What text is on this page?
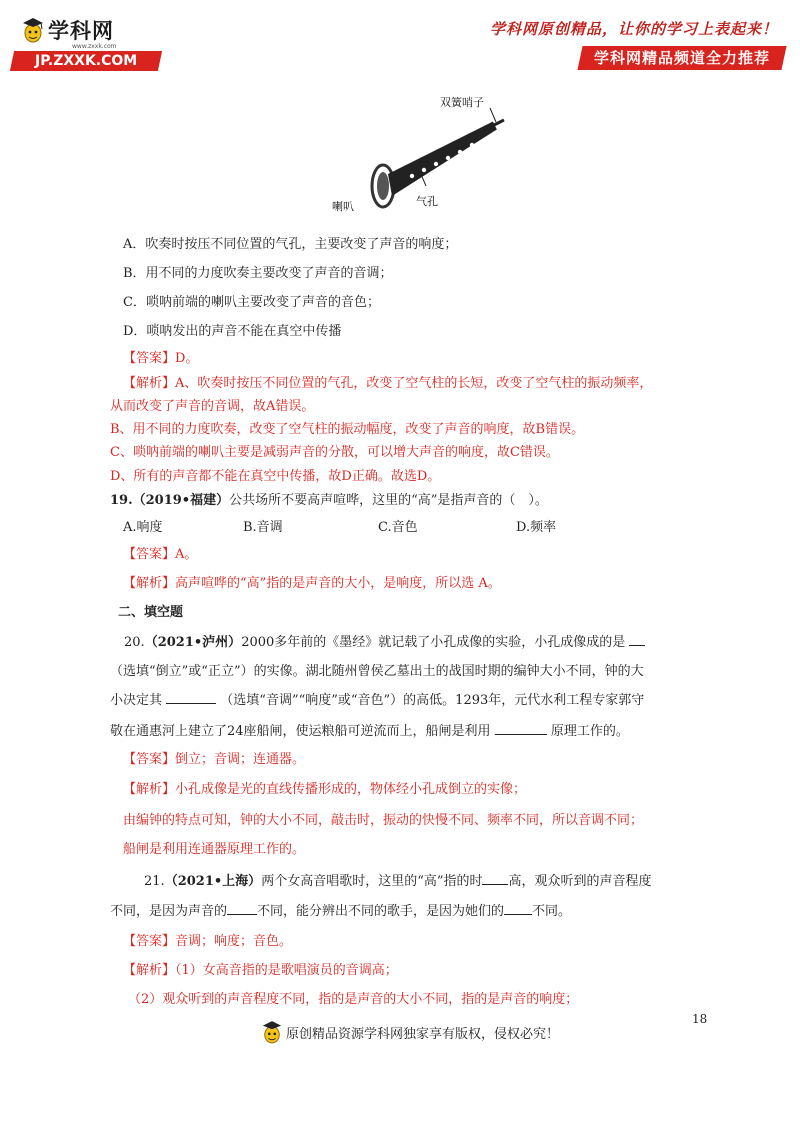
学科网
www.zxxk.com
JP.ZXXK.COM
学科网原创精品，让你的学习上表起来！
学科网精品频道全力推荐
双簧哨子
喇叭	气孔
A．吹奏时按压不同位置的气孔，主要改变了声音的响度；
B．用不同的力度吹奏主要改变了声音的音调；
C．唢呐前端的喇叭主要改变了声音的音色；
D．唢呐发出的声音不能在真空中传播
【答案】D。
【解析】A、吹奏时按压不同位置的气孔，改变了空气柱的长短，改变了空气柱的振动频率，
从而改变了声音的音调，故A错误。
B、用不同的力度吹奏，改变了空气柱的振动幅度，改变了声音的响度，故B错误。
C、唢呐前端的喇叭主要是减弱声音的分散，可以增大声音的响度，故C错误。
D、所有的声音都不能在真空中传播，故D正确。故选D。
19.（2019•福建）公共场所不要高声喧哗，这里的“高”是指声音的（　）。
A.响度	B.音调	C.音色	D.频率
【答案】A。
【解析】高声喧哗的“高”指的是声音的大小，是响度，所以选 A。
二、填空题
20.（2021•泸州）2000多年前的《墨经》就记载了小孔成像的实验，小孔成像成的是
（选填“倒立”或“正立”）的实像。湖北随州曾侯乙墓出土的战国时期的编钟大小不同，钟的大
小决定其	（选填“音调”“响度”或“音色”）的高低。1293年，元代水利工程专家郭守
敬在通惠河上建立了24座船闸，使运粮船可逆流而上，船闸是利用	原理工作的。
【答案】倒立；音调；连通器。
【解析】小孔成像是光的直线传播形成的，物体经小孔成倒立的实像；
由编钟的特点可知，钟的大小不同，敲击时，振动的快慢不同、频率不同，所以音调不同；
船闸是利用连通器原理工作的。
21.（2021•上海）两个女高音唱歌时，这里的“高”指的时 高，观众听到的声音程度
不同，是因为声音的 不同，能分辨出不同的歌手，是因为她们的 不同。
【答案】音调；响度；音色。
【解析】（1）女高音指的是歌唱演员的音调高；
（2）观众听到的声音程度不同，指的是声音的大小不同，指的是声音的响度；
18
原创精品资源学科网独家享有版权，侵权必究！
